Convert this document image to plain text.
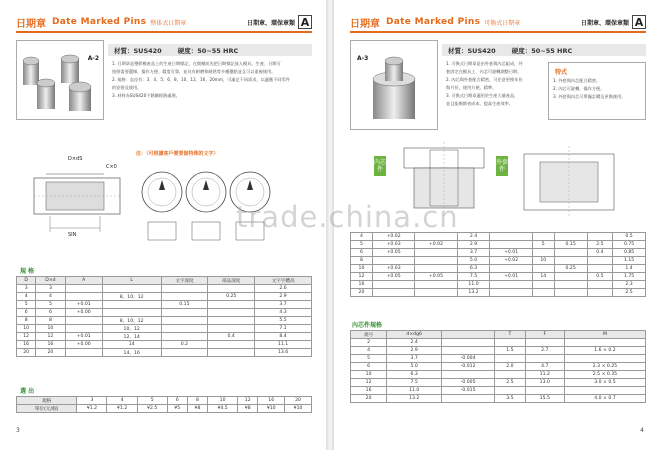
日期章 Date Marked Pins 整体式日期章	日期章、環保章類 A
A-2
材質：SUS420 硬度：50~55 HRC
1. 日期章是塑膠模產品上的生產日期標記，在開模前先把日期標記放入模具，生產、日期可
按照需要選擇，操作方便、精度可靠，並具有耐磨和耐熱等多種優點並且可以重複使用。
2. 規格：直徑有：3、4、5、6、8、10、12、16、20mm，可滿足不同需求，以適應不同零件
的安裝及使用。
3. 材料為SUS420不銹鋼經熱處理。
D×dS
C×0
SIN
注：（可根據客戶需要做特殊的文字）
規 格
D	D×d	A	L	文字深度	部品深度	文字字體高
3	3					2.6
4	4		8、10、12		0.25	2.9
5	5	+0.01		0.15		3.7
6	6	+0.00				4.3
8	8		8、10、12			5.5
10	10		10、12			7.1
12	12	+0.01	12、14		0.4	8.4
16	16	+0.00	14	0.2		11.1
20	20		14、16			13.6
選 出
規格	3	4	5	6	8	10	12	16	20
單位(元/個)	¥1.2	¥1.2	¥2.5	¥5	¥8	¥4.5	¥8	¥10	¥10
3
日期章 Date Marked Pins 可換式日期章	日期章、環保章類 A
A-3
材質：SUS420 硬度：50~55 HRC
1. 可換式日期章是由外套與內芯組成，外
套固定在模具上，內芯可旋轉調整日期。
2. 內芯與外套配合精密，可任意更換年份
與月份，使用方便、精準。
3. 可換式日期章適用於生產大量產品，
並且能夠節省成本，提高生產效率。
特式
1. 外套與內芯配合精密。
2. 內芯可旋轉，操作方便。
3. 外套與內芯可單獨訂購及更換使用。
內芯件
外套件
4	+0.02		2.4					0.5
5	+0.03	+0.02	2.9		5	0.15	2.5	0.75
6	+0.05		3.7	+0.01			0.4	0.85
8			5.0	+0.02	10			1.15
10	+0.03		6.3			0.25		1.4
12	+0.05	+0.05	7.5	+0.01	14		0.5	1.75
16			11.0					2.3
20			13.2					2.5
內芯件規格
規号	d×dg6		T	F	M
2	2.4				
4	2.9		1.5	2.7	1.6 × 0.2
5	3.7	-0.004			
6	5.0	-0.012	2.0	4.7	2.3 × 0.25
10	6.3			11.2	2.5 × 0.35
12	7.5	-0.005	2.5	13.0	3.0 × 0.5
16	11.0	-0.015			
20	13.2		3.5	15.5	4.0 × 0.7
4
trade.china.cn
